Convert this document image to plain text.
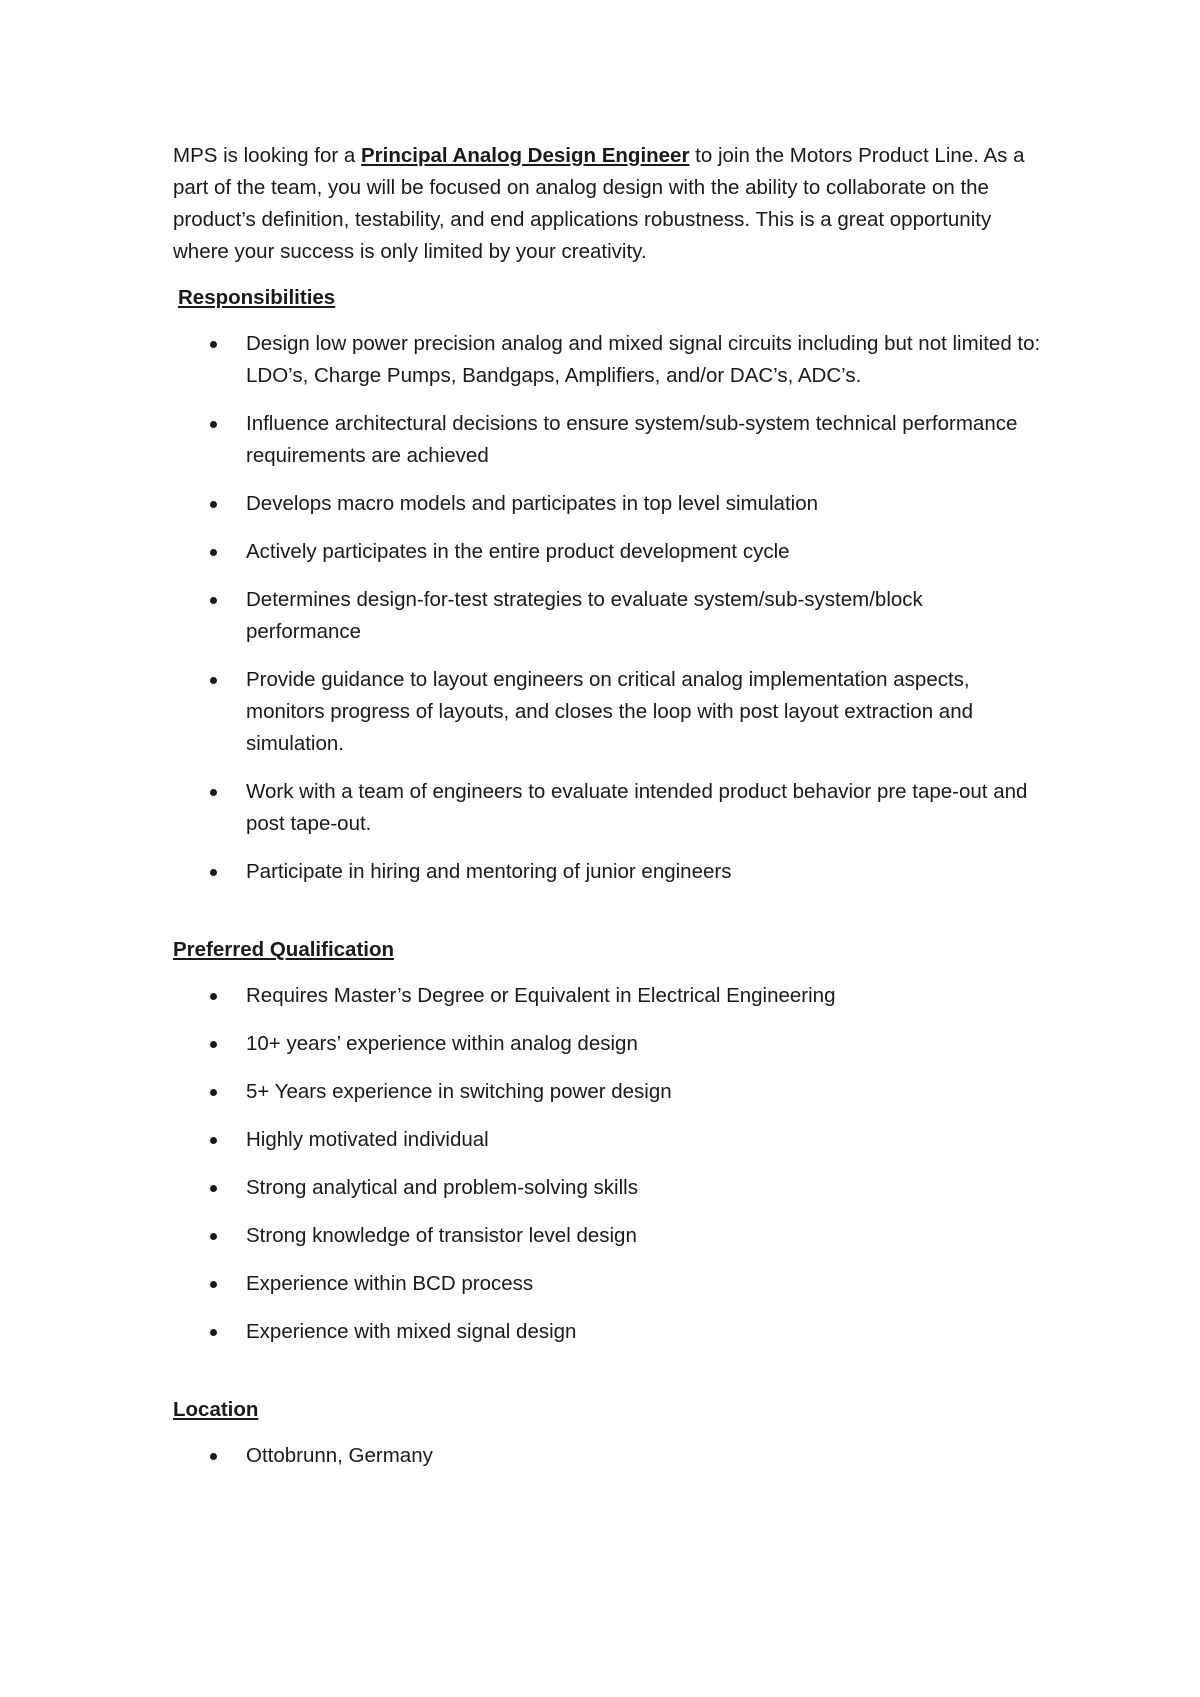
MPS is looking for a Principal Analog Design Engineer to join the Motors Product Line. As a part of the team, you will be focused on analog design with the ability to collaborate on the product’s definition, testability, and end applications robustness. This is a great opportunity where your success is only limited by your creativity.

Responsibilities
Design low power precision analog and mixed signal circuits including but not limited to: LDO’s, Charge Pumps, Bandgaps, Amplifiers, and/or DAC’s, ADC’s.
Influence architectural decisions to ensure system/sub-system technical performance requirements are achieved
Develops macro models and participates in top level simulation
Actively participates in the entire product development cycle
Determines design-for-test strategies to evaluate system/sub-system/block performance
Provide guidance to layout engineers on critical analog implementation aspects, monitors progress of layouts, and closes the loop with post layout extraction and simulation.
Work with a team of engineers to evaluate intended product behavior pre tape-out and post tape-out.
Participate in hiring and mentoring of junior engineers
Preferred Qualification
Requires Master’s Degree or Equivalent in Electrical Engineering
10+ years’ experience within analog design
5+ Years experience in switching power design
Highly motivated individual
Strong analytical and problem-solving skills
Strong knowledge of transistor level design
Experience within BCD process
Experience with mixed signal design
Location
Ottobrunn, Germany
